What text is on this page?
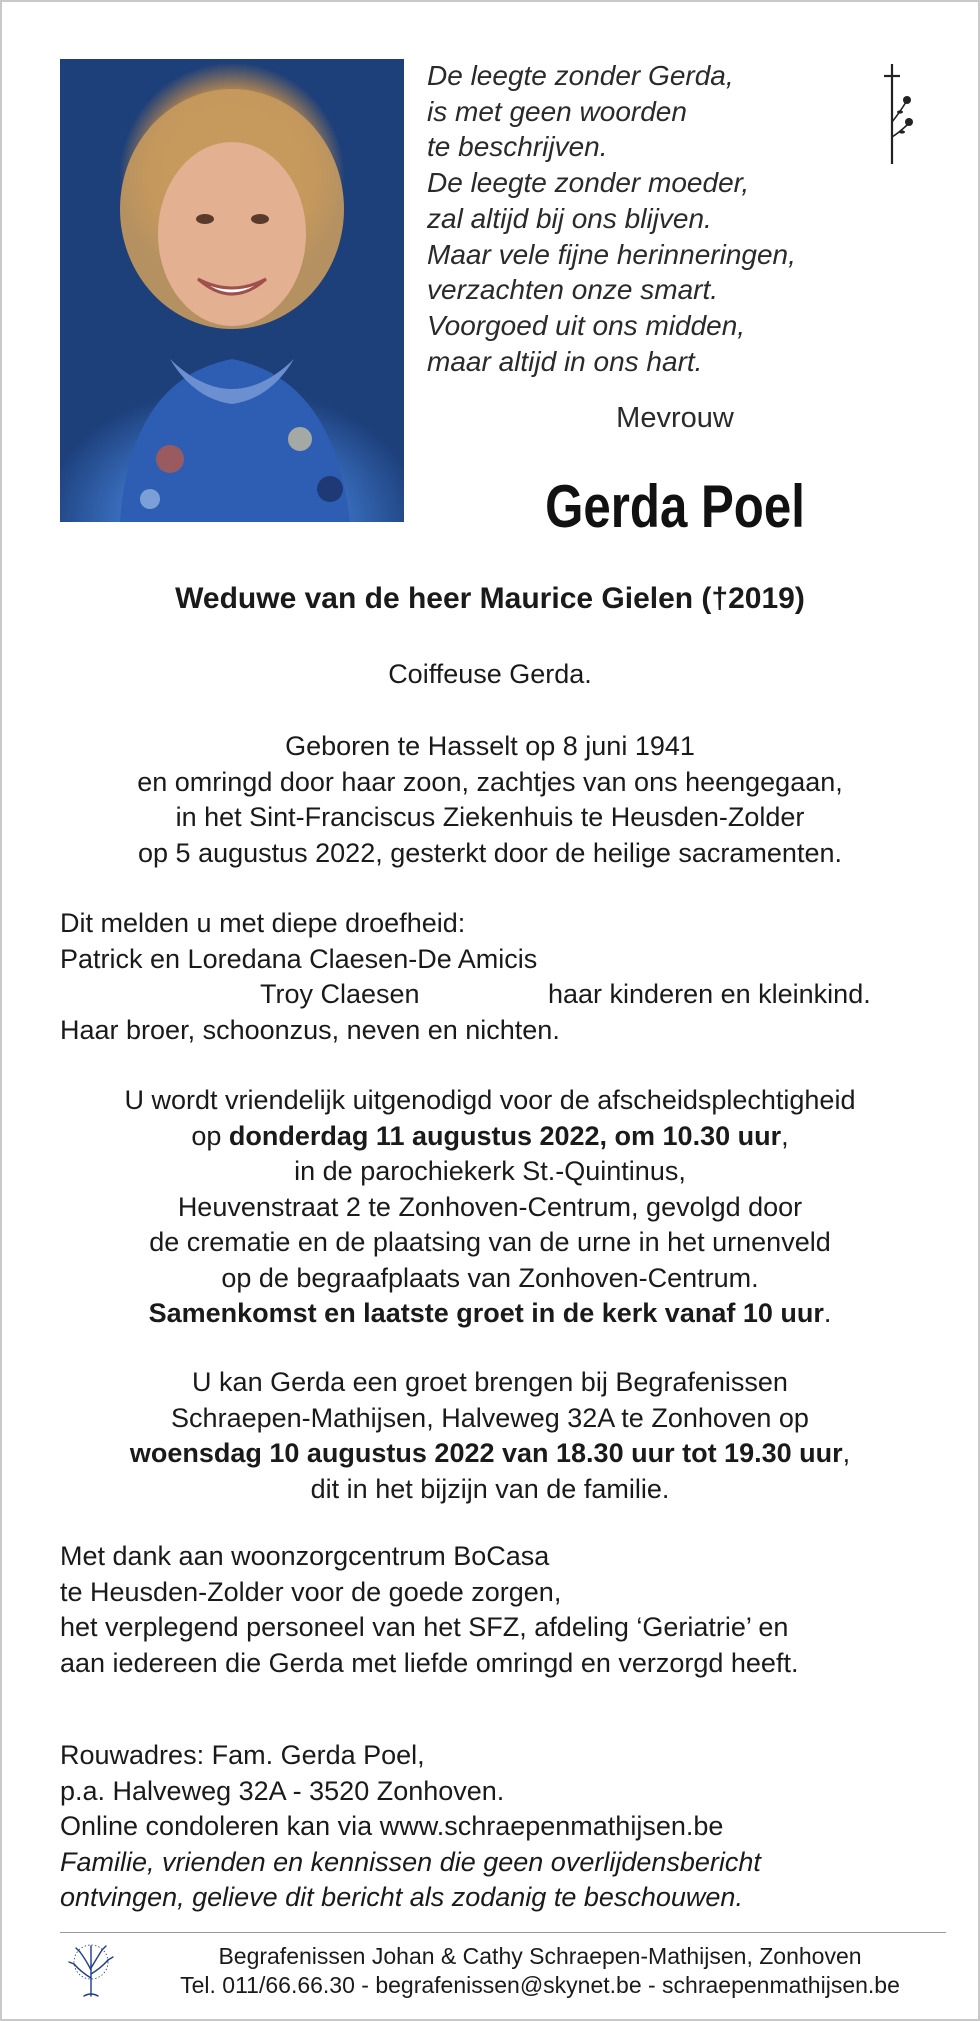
De leegte zonder Gerda,
is met geen woorden
te beschrijven.
De leegte zonder moeder,
zal altijd bij ons blijven.
Maar vele fijne herinneringen,
verzachten onze smart.
Voorgoed uit ons midden,
maar altijd in ons hart.
Mevrouw
Gerda Poel
Weduwe van de heer Maurice Gielen (†2019)
Coiffeuse Gerda.
Geboren te Hasselt op 8 juni 1941
en omringd door haar zoon, zachtjes van ons heengegaan,
in het Sint-Franciscus Ziekenhuis te Heusden-Zolder
op 5 augustus 2022, gesterkt door de heilige sacramenten.
Dit melden u met diepe droefheid:
Patrick en Loredana Claesen-De Amicis
Troy Claesen	haar kinderen en kleinkind.
Haar broer, schoonzus, neven en nichten.
U wordt vriendelijk uitgenodigd voor de afscheidsplechtigheid
op donderdag 11 augustus 2022, om 10.30 uur,
in de parochiekerk St.-Quintinus,
Heuvenstraat 2 te Zonhoven-Centrum, gevolgd door
de crematie en de plaatsing van de urne in het urnenveld
op de begraafplaats van Zonhoven-Centrum.
Samenkomst en laatste groet in de kerk vanaf 10 uur.
U kan Gerda een groet brengen bij Begrafenissen
Schraepen-Mathijsen, Halveweg 32A te Zonhoven op
woensdag 10 augustus 2022 van 18.30 uur tot 19.30 uur,
dit in het bijzijn van de familie.
Met dank aan woonzorgcentrum BoCasa
te Heusden-Zolder voor de goede zorgen,
het verplegend personeel van het SFZ, afdeling ‘Geriatrie’ en
aan iedereen die Gerda met liefde omringd en verzorgd heeft.
Rouwadres: Fam. Gerda Poel,
p.a. Halveweg 32A - 3520 Zonhoven.
Online condoleren kan via www.schraepenmathijsen.be
Familie, vrienden en kennissen die geen overlijdensbericht
ontvingen, gelieve dit bericht als zodanig te beschouwen.
Begrafenissen Johan & Cathy Schraepen-Mathijsen, Zonhoven
Tel. 011/66.66.30 - begrafenissen@skynet.be - schraepenmathijsen.be
